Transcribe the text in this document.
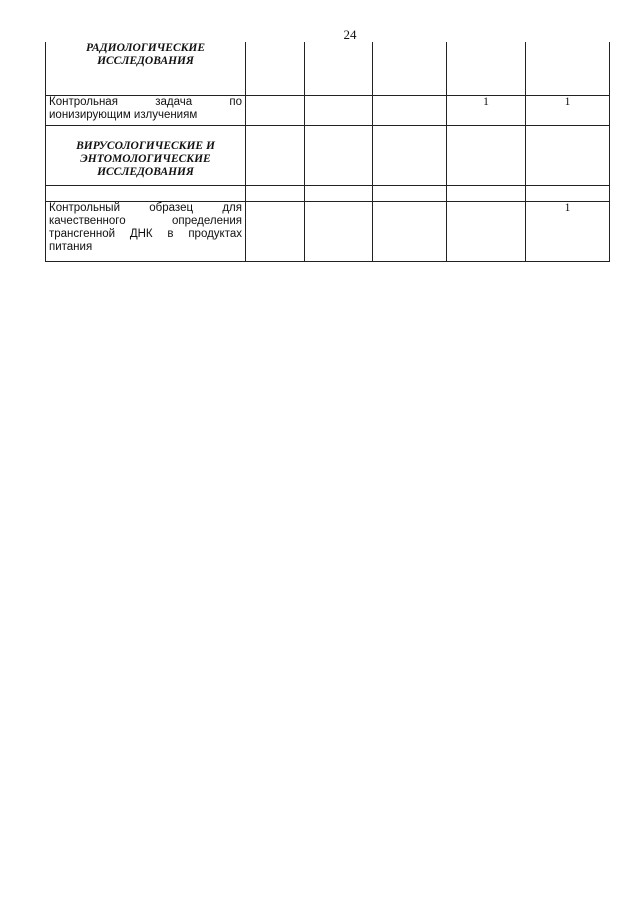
24
РАДИОЛОГИЧЕСКИЕ ИССЛЕДОВАНИЯ					
Контрольная задача по ионизирующим излучениям				1	1
ВИРУСОЛОГИЧЕСКИЕ И ЭНТОМОЛОГИЧЕСКИЕ ИССЛЕДОВАНИЯ					

Контрольный образец для качественного определения трансгенной ДНК в продуктах питания					1
